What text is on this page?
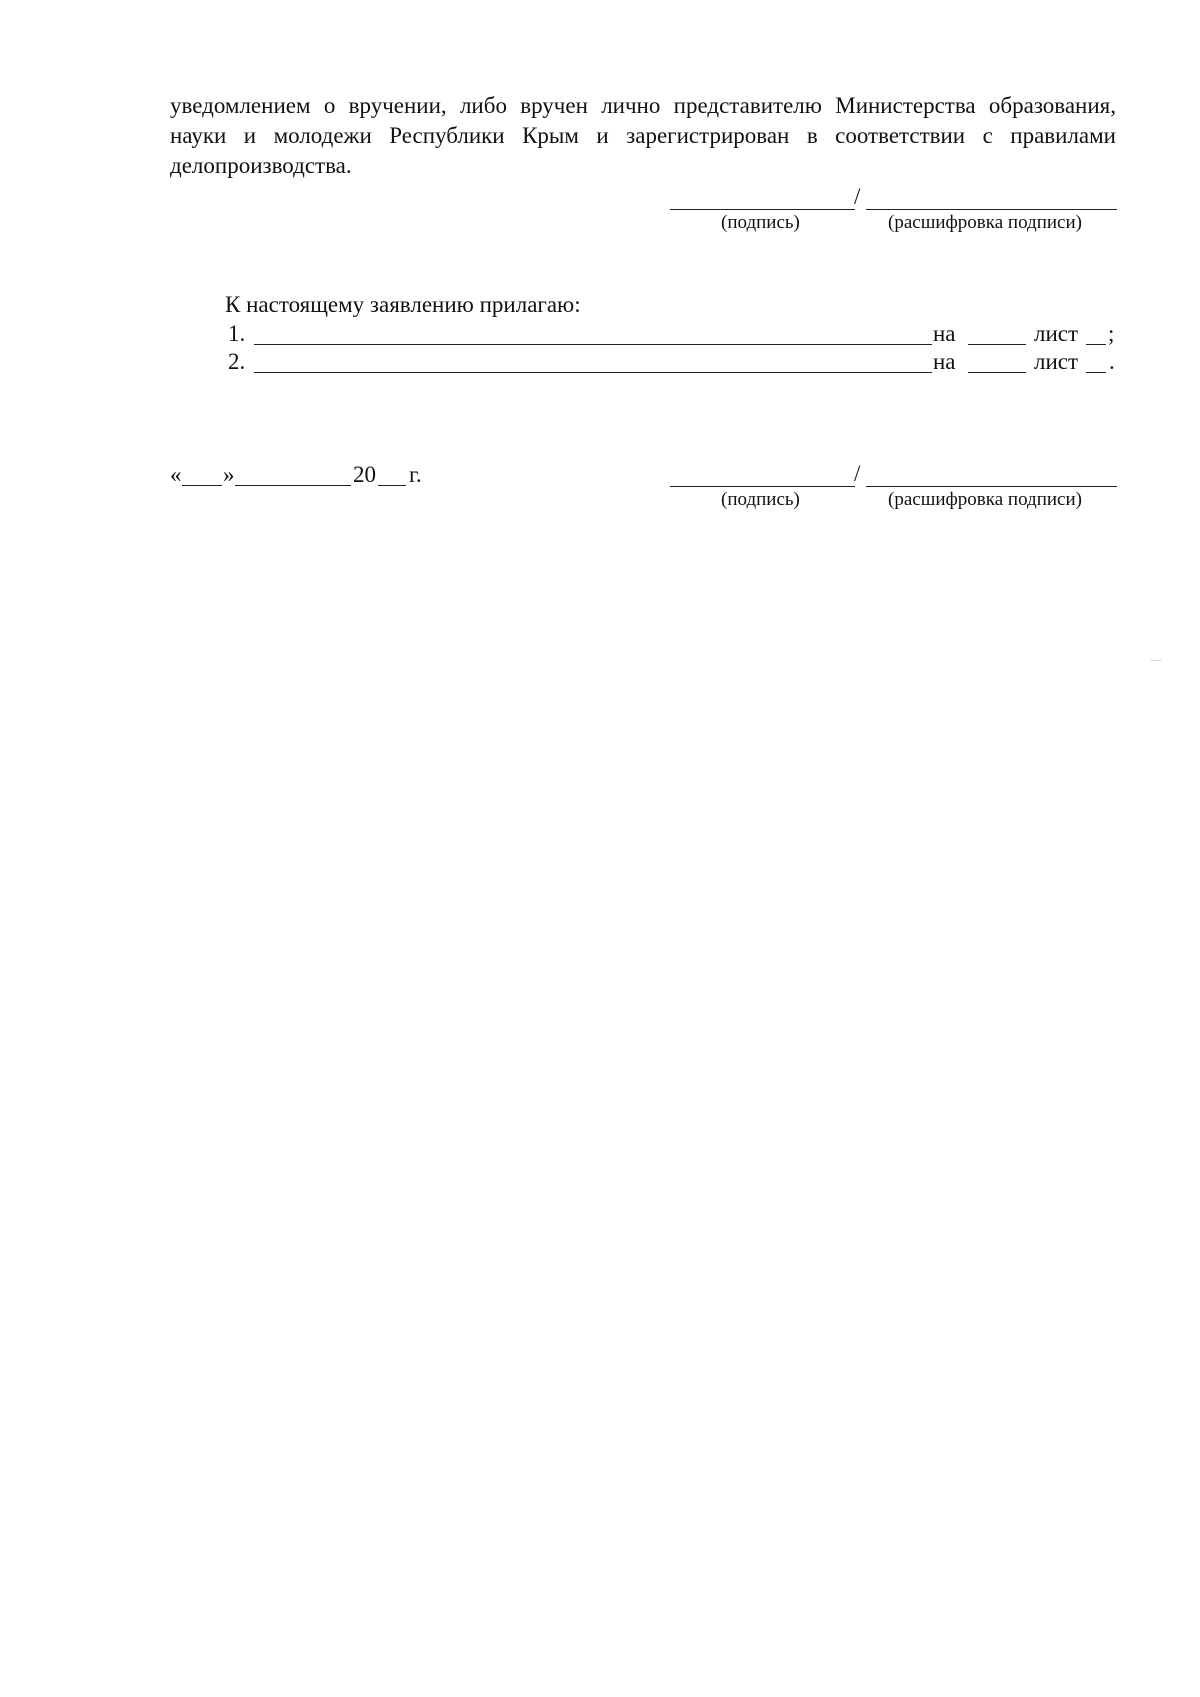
уведомлением о вручении, либо вручен лично представителю Министерства образования, науки и молодежи Республики Крым и зарегистрирован в соответствии с правилами делопроизводства.

/
(подпись)	(расшифровка подписи)
К настоящему заявлению прилагаю:
1.	на	лист ;
2.	на	лист .
« »	20 г.	/
(подпись)	(расшифровка подписи)
